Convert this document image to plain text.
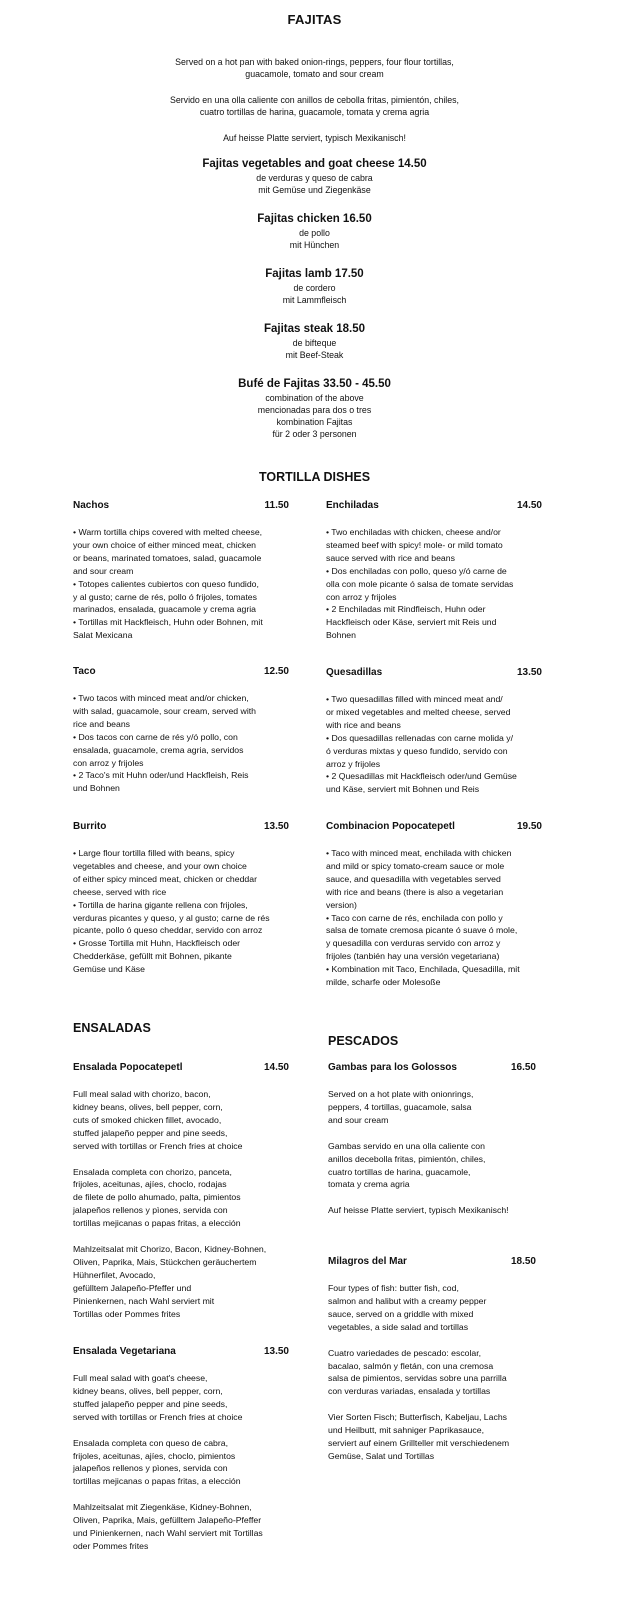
FAJITAS
Served on a hot pan with baked onion-rings, peppers, four flour tortillas,
guacamole, tomato and sour cream
Servido en una olla caliente con anillos de cebolla fritas, pimientón, chiles,
cuatro tortillas de harina, guacamole, tomata y crema agria
Auf heisse Platte serviert, typisch Mexikanisch!
Fajitas vegetables and goat cheese 14.50
de verduras y queso de cabra
mit Gemüse und Ziegenkäse
Fajitas chicken 16.50
de pollo
mit Hünchen
Fajitas lamb 17.50
de cordero
mit Lammfleisch
Fajitas steak 18.50
de bifteque
mit Beef-Steak
Bufé de Fajitas 33.50 - 45.50
combination of the above
mencionadas para dos o tres
kombination Fajitas
für 2 oder 3 personen
TORTILLA DISHES
Nachos	11.50
• Warm tortilla chips covered with melted cheese,
your own choice of either minced meat, chicken
or beans, marinated tomatoes, salad, guacamole
and sour cream
• Totopes calientes cubiertos con queso fundido,
y al gusto; carne de rés, pollo ó frijoles, tomates
marinados, ensalada, guacamole y crema agria
• Tortillas mit Hackfleisch, Huhn oder Bohnen, mit
Salat Mexicana
Enchiladas	14.50
• Two enchiladas with chicken, cheese and/or
steamed beef with spicy! mole- or mild tomato
sauce served with rice and beans
• Dos enchiladas con pollo, queso y/ó carne de
olla con mole picante ó salsa de tomate servidas
con arroz y frijoles
• 2 Enchiladas mit Rindfleisch, Huhn oder
Hackfleisch oder Käse, serviert mit Reis und
Bohnen
Taco	12.50
• Two tacos with minced meat and/or chicken,
with salad, guacamole, sour cream, served with
rice and beans
• Dos tacos con carne de rés y/ó pollo, con
ensalada, guacamole, crema agria, servidos
con arroz y frijoles
• 2 Taco's mit Huhn oder/und Hackfleish, Reis
und Bohnen
Quesadillas	13.50
• Two quesadillas filled with minced meat and/
or mixed vegetables and melted cheese, served
with rice and beans
• Dos quesadillas rellenadas con carne molida y/
ó verduras mixtas y queso fundido, servido con
arroz y frijoles
• 2 Quesadillas mit Hackfleisch oder/und Gemüse
und Käse, serviert mit Bohnen und Reis
Burrito	13.50
• Large flour tortilla filled with beans, spicy
vegetables and cheese, and your own choice
of either spicy minced meat, chicken or cheddar
cheese, served with rice
• Tortilla de harina gigante rellena con frijoles,
verduras picantes y queso, y al gusto; carne de rés
picante, pollo ó queso cheddar, servido con arroz
• Grosse Tortilla mit Huhn, Hackfleisch oder
Chedderkäse, gefüllt mit Bohnen, pikante
Gemüse und Käse
Combinacion Popocatepetl	19.50
• Taco with minced meat, enchilada with chicken
and mild or spicy tomato-cream sauce or mole
sauce, and quesadilla with vegetables served
with rice and beans (there is also a vegetarian
version)
• Taco con carne de rés, enchilada con pollo y
salsa de tomate cremosa picante ó suave ó mole,
y quesadilla con verduras servido con arroz y
frijoles (tanbién hay una versión vegetariana)
• Kombination mit Taco, Enchilada, Quesadilla, mit
milde, scharfe oder Molesoße
ENSALADAS
Ensalada Popocatepetl	14.50
Full meal salad with chorizo, bacon,
kidney beans, olives, bell pepper, corn,
cuts of smoked chicken fillet, avocado,
stuffed jalapeño pepper and pine seeds,
served with tortillas or French fries at choice
Ensalada completa con chorizo, panceta,
frijoles, aceitunas, ajíes, choclo, rodajas
de filete de pollo ahumado, palta, pimientos
jalapeños rellenos y pìones, servida con
tortillas mejicanas o papas fritas, a elección
Mahlzeitsalat mit Chorizo, Bacon, Kidney-Bohnen,
Oliven, Paprika, Mais, Stückchen geräuchertem
Hühnerfilet, Avocado,
gefülltem Jalapeño-Pfeffer und
Pinienkernen, nach Wahl serviert mit
Tortillas oder Pommes frites
Ensalada Vegetariana	13.50
Full meal salad with goat's cheese,
kidney beans, olives, bell pepper, corn,
stuffed jalapeño pepper and pine seeds,
served with tortillas or French fries at choice
Ensalada completa con queso de cabra,
frijoles, aceitunas, ajíes, choclo, pimientos
jalapeños rellenos y pìones, servida con
tortillas mejicanas o papas fritas, a elección
Mahlzeitsalat mit Ziegenkäse, Kidney-Bohnen,
Oliven, Paprika, Mais, gefülltem Jalapeño-Pfeffer
und Pinienkernen, nach Wahl serviert mit Tortillas
oder Pommes frites
PESCADOS
Gambas para los Golossos	16.50
Served on a hot plate with onionrings,
peppers, 4 tortillas, guacamole, salsa
and sour cream
Gambas servido en una olla caliente con
anillos decebolla fritas, pimientón, chiles,
cuatro tortillas de harina, guacamole,
tomata y crema agria
Auf heisse Platte serviert, typisch Mexikanisch!
Milagros del Mar	18.50
Four types of fish: butter fish, cod,
salmon and halibut with a creamy pepper
sauce, served on a griddle with mixed
vegetables, a side salad and tortillas
Cuatro variedades de pescado: escolar,
bacalao, salmón y fletán, con una cremosa
salsa de pimientos, servidas sobre una parrilla
con verduras variadas, ensalada y tortillas
Vier Sorten Fisch; Butterfisch, Kabeljau, Lachs
und Heilbutt, mit sahniger Paprikasauce,
serviert auf einem Grillteller mit verschiedenem
Gemüse, Salat und Tortillas
